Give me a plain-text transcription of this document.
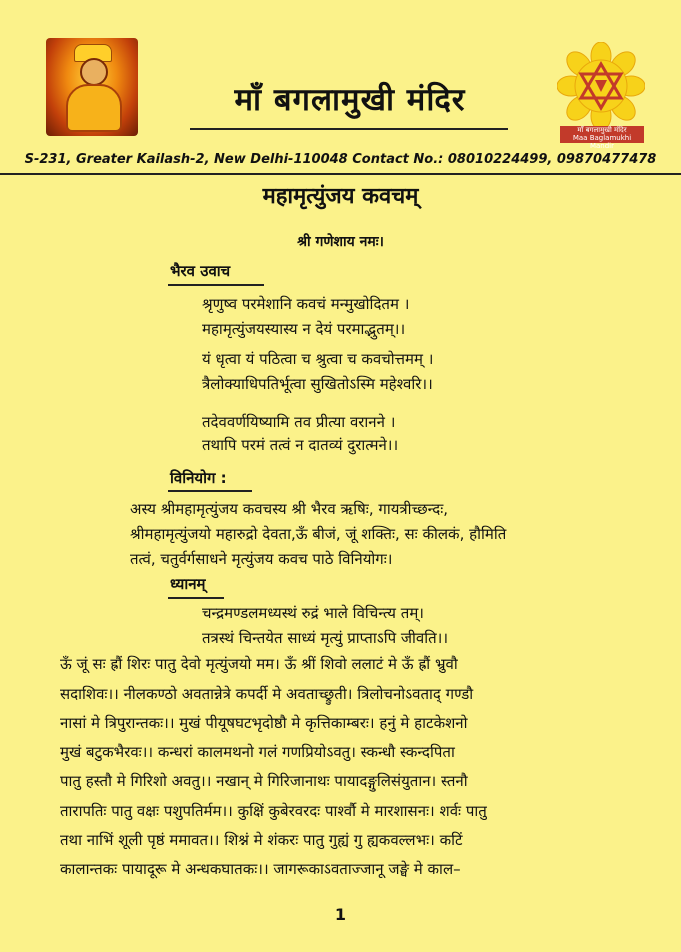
माँ बगलामुखी मंदिर
माँ बगलामुखी मंदिर
Maa Baglamukhi Mandir
S-231, Greater Kailash-2, New Delhi-110048 Contact No.: 08010224499, 09870477478
महामृत्युंजय कवचम्
श्री गणेशाय नमः।
भैरव उवाच
श्रृणुष्व परमेशानि कवचं मन्मुखोदितम ।
महामृत्युंजयस्यास्य न देयं परमाद्भुतम्।।
यं धृत्वा यं पठित्वा च श्रुत्वा च कवचोत्तमम् ।
त्रैलोक्याधिपतिर्भूत्वा सुखितोऽस्मि महेश्वरि।।
तदेववर्णयिष्यामि तव प्रीत्या वरानने ।
तथापि परमं तत्वं न दातव्यं दुरात्मने।।
विनियोग :
अस्य श्रीमहामृत्युंजय कवचस्य श्री भैरव ऋषिः, गायत्रीच्छन्दः,
श्रीमहामृत्युंजयो महारुद्रो देवता,ऊँ बीजं, जूं शक्तिः, सः कीलकं, हौमिति
तत्वं, चतुर्वर्गसाधने मृत्युंजय कवच पाठे विनियोगः।
ध्यानम्
चन्द्रमण्डलमध्यस्थं रुद्रं भाले विचिन्त्य तम्।
तत्रस्थं चिन्तयेत साध्यं मृत्युं प्राप्ताऽपि जीवति।।
ऊँ जूं सः ह्रौं शिरः पातु देवो मृत्युंजयो मम। ऊँ श्रीं शिवो ललाटं मे ऊँ ह्रौं भ्रुवौ
सदाशिवः।। नीलकण्ठो अवतान्नेत्रे कपर्दी मे अवताच्छ्रुती। त्रिलोचनोऽवताद् गण्डौ
नासां मे त्रिपुरान्तकः।। मुखं पीयूषघटभृदोष्ठौ मे कृत्तिकाम्बरः। हनुं मे हाटकेशनो
मुखं बटुकभैरवः।। कन्धरां कालमथनो गलं गणप्रियोऽवतु। स्कन्धौ स्कन्दपिता
पातु हस्तौ मे गिरिशो अवतु।। नखान् मे गिरिजानाथः पायादङ्गुलिसंयुतान। स्तनौ
तारापतिः पातु वक्षः पशुपतिर्मम।। कुक्षिं कुबेरवरदः पार्श्वौ मे मारशासनः। शर्वः पातु
तथा नाभिं शूली पृष्ठं ममावत।। शिश्नं मे शंकरः पातु गुह्यं गु ह्यकवल्लभः। कटिं
कालान्तकः पायादूरू मे अन्धकघातकः।। जागरूकाऽवताज्जानू जङ्घे मे काल–
1
